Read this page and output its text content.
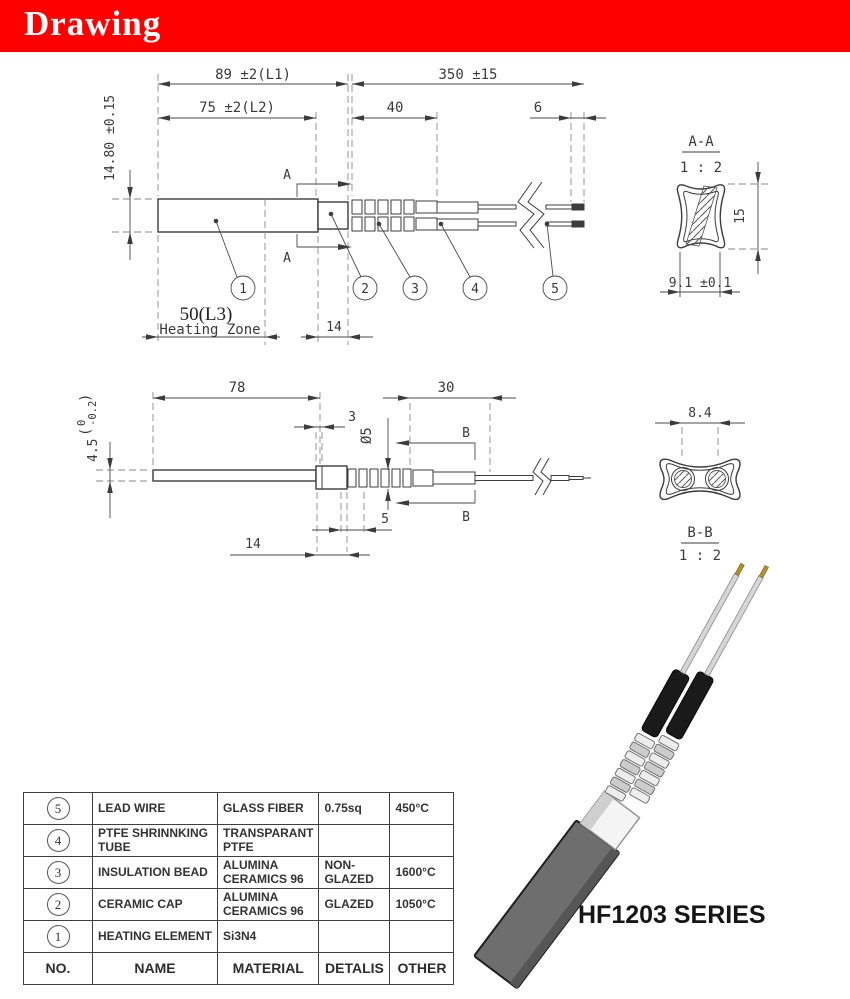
Drawing
A
A
89 ±2(L1)	350 ±15
75 ±2(L2)	40	6
14.80 ±0.15
50(L3)
Heating Zone	14
1	2	3	4	5
A-A
1 : 2
15
9.1 ±0.1
B
B
78
3
Ø5
30
4.5
(
0 -0.2
)
5
14
8.4
B-B
1 : 2
5	LEAD WIRE	GLASS FIBER	0.75sq	450°C
4	PTFE SHRINNKING TUBE	TRANSPARANT PTFE		
3	INSULATION BEAD	ALUMINA CERAMICS 96	NON-GLAZED	1600°C
2	CERAMIC CAP	ALUMINA CERAMICS 96	GLAZED	1050°C
1	HEATING ELEMENT	Si3N4		
NO.	NAME	MATERIAL	DETALIS	OTHER
HF1203 SERIES
